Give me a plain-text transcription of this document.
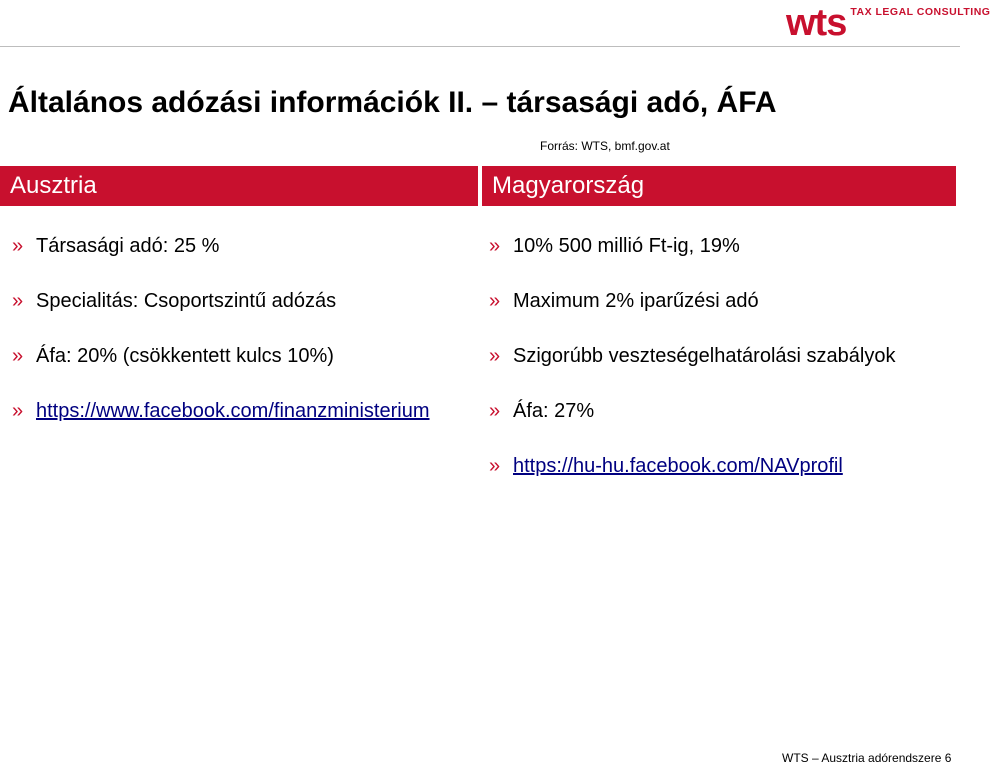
wts TAX LEGAL CONSULTING
Általános adózási információk II. – társasági adó, ÁFA
Forrás: WTS, bmf.gov.at
Ausztria	Magyarország
» Társasági adó: 25 %
» Specialitás: Csoportszintű adózás
» Áfa: 20% (csökkentett kulcs 10%)
» https://www.facebook.com/finanzministerium
» 10% 500 millió Ft-ig, 19%
» Maximum 2% iparűzési adó
» Szigorúbb veszteségelhatárolási szabályok
» Áfa: 27%
» https://hu-hu.facebook.com/NAVprofil
WTS – Ausztria adórendszere 6
